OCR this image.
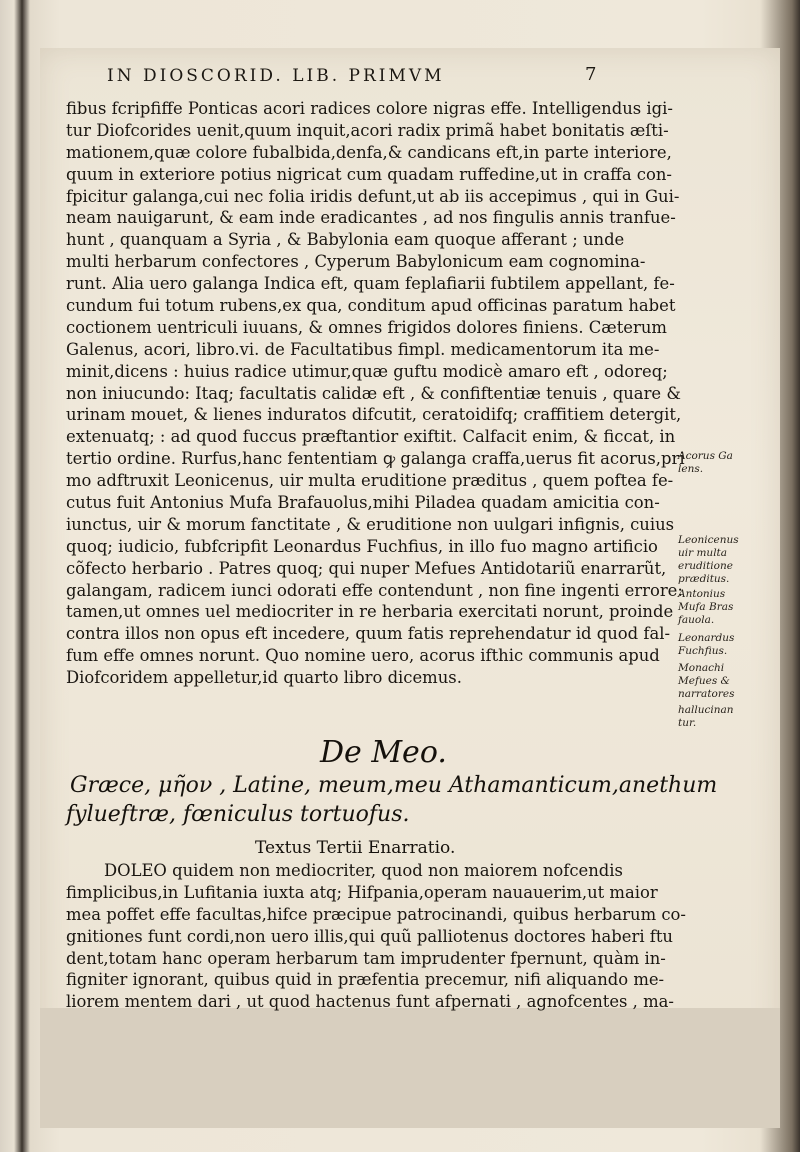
IN DIOSCORID. LIB. PRIMVM	7
fibus fcripfiffe Ponticas acori radices colore nigras effe. Intelligendus igi-
tur Diofcorides uenit,quum inquit,acori radix primã habet bonitatis æſti-
mationem,quæ colore fubalbida,denfa,& candicans eft,in parte interiore,
quum in exteriore potius nigricat cum quadam ruffedine,ut in craffa con-
fpicitur galanga,cui nec folia iridis defunt,ut ab iis accepimus , qui in Gui-
neam nauigarunt, & eam inde eradicantes , ad nos fingulis annis tranfue-
hunt , quanquam a Syria , & Babylonia eam quoque afferant ; unde
multi herbarum confectores , Cyperum Babylonicum eam cognomina-
runt. Alia uero galanga Indica eft, quam feplafiarii fubtilem appellant, fe-
cundum fui totum rubens,ex qua, conditum apud officinas paratum habet
coctionem uentriculi iuuans, & omnes frigidos dolores finiens. Cæterum
Galenus, acori, libro.vi. de Facultatibus fimpl. medicamentorum ita me-
minit,dicens : huius radice utimur,quæ guftu modicè amaro eft , odoreq;
non iniucundo: Itaq; facultatis calidæ eft , & confiftentiæ tenuis , quare &
urinam mouet, & lienes induratos difcutit, ceratoidifq; craffitiem detergit,
extenuatq; : ad quod fuccus præftantior exiftit. Calfacit enim, & ficcat, in
tertio ordine. Rurfus,hanc fententiam ꝙ galanga craffa,uerus fit acorus,pri
mo adftruxit Leonicenus, uir multa eruditione præditus , quem poftea fe-
cutus fuit Antonius Mufa Brafauolus,mihi Piladea quadam amicitia con-
iunctus, uir & morum fanctitate , & eruditione non uulgari infignis, cuius
quoq; iudicio, fubfcripfit Leonardus Fuchfius, in illo fuo magno artificio
cõfecto herbario . Patres quoq; qui nuper Mefues Antidotariũ enarrarũt,
galangam, radicem iunci odorati effe contendunt , non fine ingenti errore:
tamen,ut omnes uel mediocriter in re herbaria exercitati norunt, proinde
contra illos non opus eft incedere, quum fatis reprehendatur id quod fal-
fum effe omnes norunt. Quo nomine uero, acorus ifthic communis apud
Diofcoridem appelletur,id quarto libro dicemus.
Acorus Ga
lens.
Leonicenus
uir multa
eruditione
præditus.
Antonius
Mufa Bras
fauola.
Leonardus
Fuchfius.
Monachi
Mefues &
narratores
hallucinan
tur.
De Meo.
Græce, μῆον , Latine, meum,meu Athamanticum,anethum
fylueftræ, fœniculus tortuofus.
Textus Tertii Enarratio.
DOLEO quidem non mediocriter, quod non maiorem nofcendis
fimplicibus,in Lufitania iuxta atq; Hifpania,operam nauauerim,ut maior
mea poffet effe facultas,hifce præcipue patrocinandi, quibus herbarum co-
gnitiones funt cordi,non uero illis,qui quũ palliotenus doctores haberi ftu
dent,totam hanc operam herbarum tam imprudenter fpernunt, quàm in-
figniter ignorant, quibus quid in præfentia precemur, nifi aliquando me-
liorem mentem dari , ut quod hactenus funt afpernati , agnofcentes , ma-
